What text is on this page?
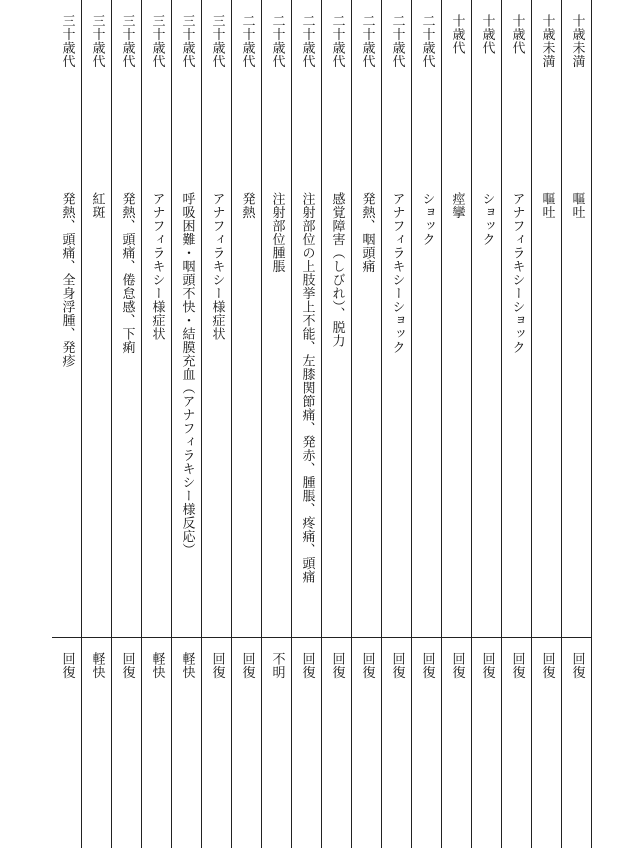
十歳未満
嘔吐
回復
十歳未満
嘔吐
回復
十歳代
アナフィラキシーショック
回復
十歳代
ショック
回復
十歳代
痙攣
回復
二十歳代
ショック
回復
二十歳代
アナフィラキシーショック
回復
二十歳代
発熱、咽頭痛
回復
二十歳代
感覚障害（しびれ）、脱力
回復
二十歳代
注射部位の上肢挙上不能、左膝関節痛、発赤、腫脹、疼痛、頭痛
回復
二十歳代
注射部位腫脹
不明
二十歳代
発熱
回復
三十歳代
アナフィラキシー様症状
回復
三十歳代
呼吸困難・咽頭不快・結膜充血（アナフィラキシー様反応）
軽快
三十歳代
アナフィラキシー様症状
軽快
三十歳代
発熱、頭痛、倦怠感、下痢
回復
三十歳代
紅斑
軽快
三十歳代
発熱、頭痛、全身浮腫、発疹
回復
